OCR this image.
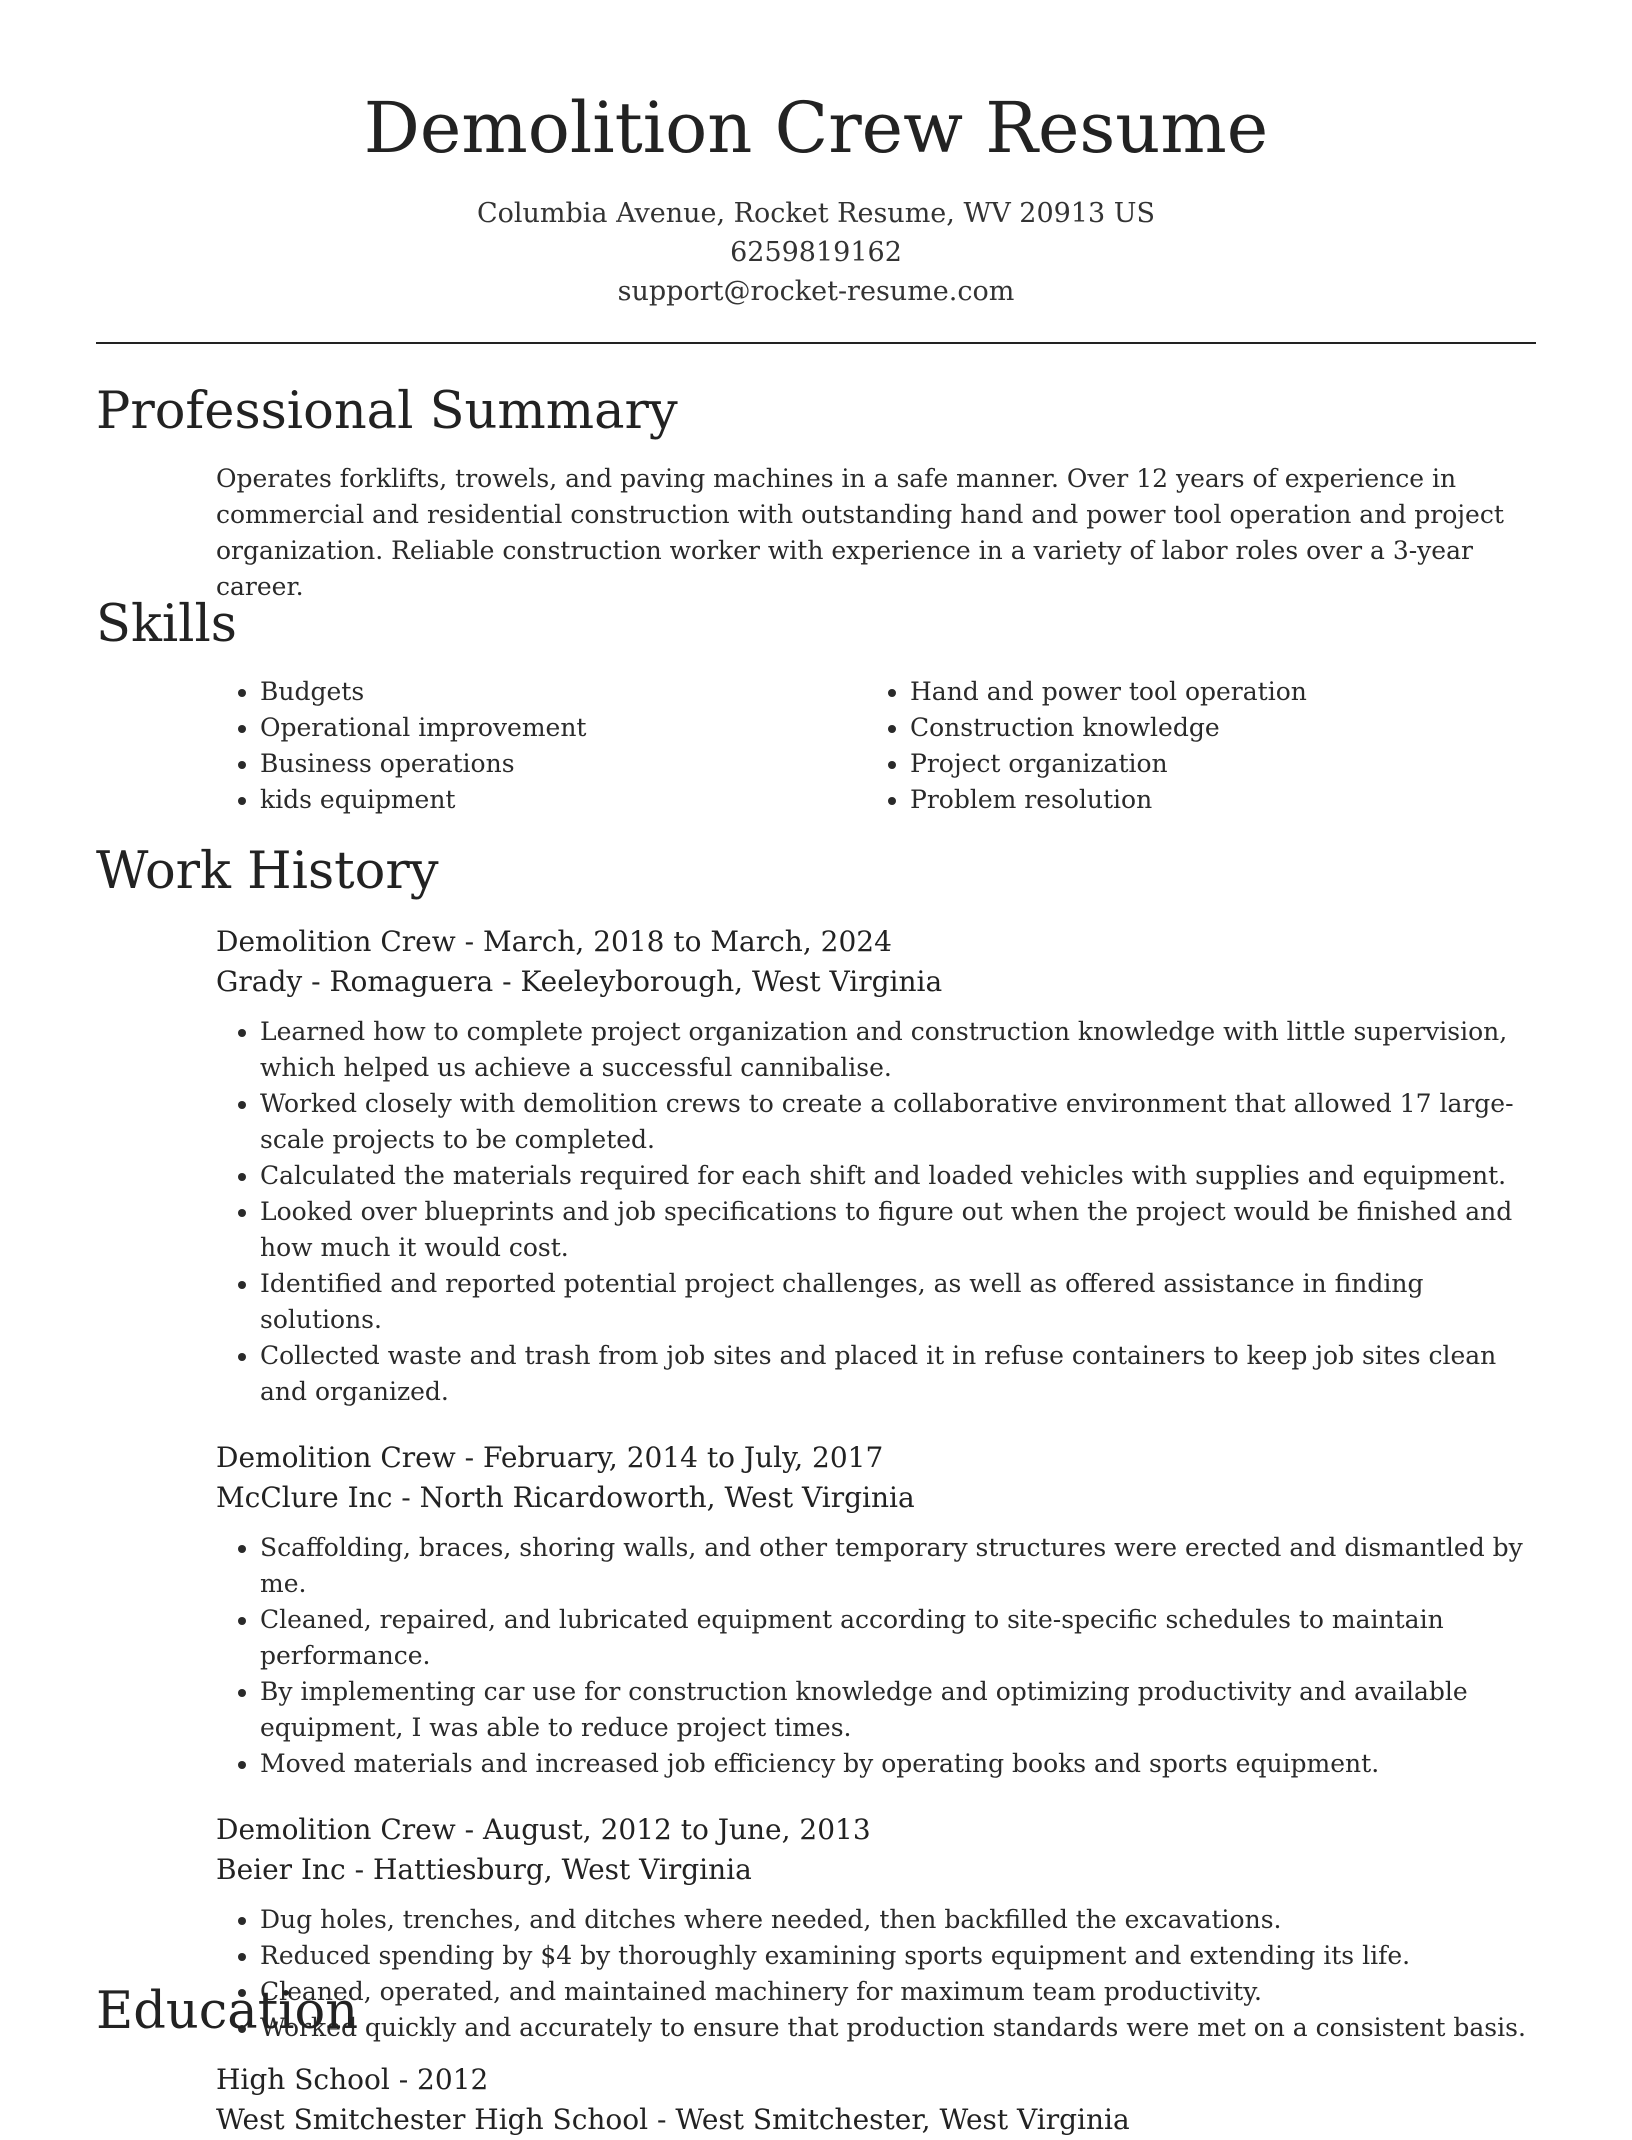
Demolition Crew Resume
Columbia Avenue, Rocket Resume, WV 20913 US
6259819162
support@rocket-resume.com
Professional Summary

Operates forklifts, trowels, and paving machines in a safe manner. Over 12 years of experience in commercial and residential construction with outstanding hand and power tool operation and project organization. Reliable construction worker with experience in a variety of labor roles over a 3-year career.

Skills
• Budgets
• Operational improvement
• Business operations
• kids equipment
• Hand and power tool operation
• Construction knowledge
• Project organization
• Problem resolution
Work History
Demolition Crew - March, 2018 to March, 2024
Grady - Romaguera - Keeleyborough, West Virginia
• Learned how to complete project organization and construction knowledge with little supervision, which helped us achieve a successful cannibalise.
• Worked closely with demolition crews to create a collaborative environment that allowed 17 large-scale projects to be completed.
• Calculated the materials required for each shift and loaded vehicles with supplies and equipment.
• Looked over blueprints and job specifications to figure out when the project would be finished and how much it would cost.
• Identified and reported potential project challenges, as well as offered assistance in finding solutions.
• Collected waste and trash from job sites and placed it in refuse containers to keep job sites clean and organized.
Demolition Crew - February, 2014 to July, 2017
McClure Inc - North Ricardoworth, West Virginia
• Scaffolding, braces, shoring walls, and other temporary structures were erected and dismantled by me.
• Cleaned, repaired, and lubricated equipment according to site-specific schedules to maintain performance.
• By implementing car use for construction knowledge and optimizing productivity and available equipment, I was able to reduce project times.
• Moved materials and increased job efficiency by operating books and sports equipment.
Demolition Crew - August, 2012 to June, 2013
Beier Inc - Hattiesburg, West Virginia
• Dug holes, trenches, and ditches where needed, then backfilled the excavations.
• Reduced spending by $4 by thoroughly examining sports equipment and extending its life.
• Cleaned, operated, and maintained machinery for maximum team productivity.
• Worked quickly and accurately to ensure that production standards were met on a consistent basis.
Education
High School - 2012
West Smitchester High School - West Smitchester, West Virginia
